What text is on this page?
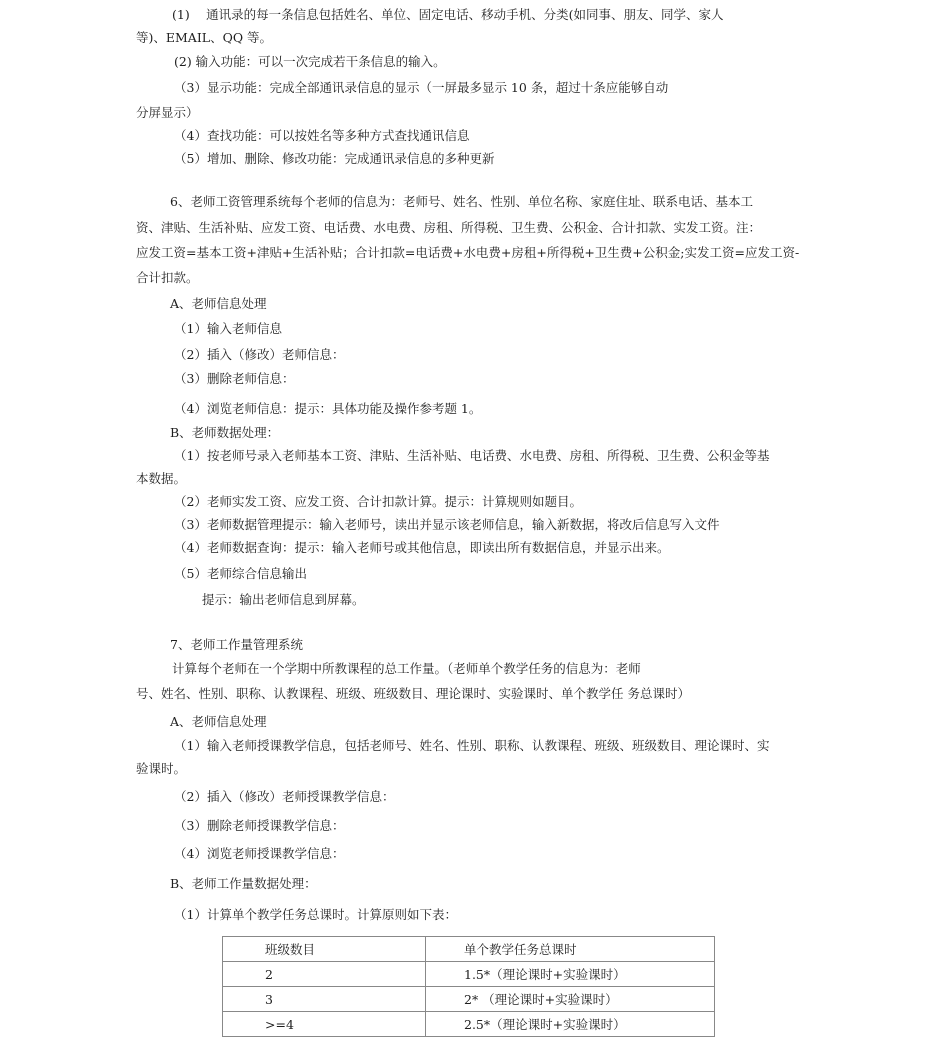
(1)　 通讯录的每一条信息包括姓名、单位、固定电话、移动手机、分类(如同事、朋友、同学、家人
等)、EMAIL、QQ 等。
(2) 输入功能：可以一次完成若干条信息的输入。
（3）显示功能：完成全部通讯录信息的显示（一屏最多显示 10 条，超过十条应能够自动
分屏显示）
（4）查找功能：可以按姓名等多种方式查找通讯信息
（5）增加、删除、修改功能：完成通讯录信息的多种更新
6、老师工资管理系统每个老师的信息为：老师号、姓名、性别、单位名称、家庭住址、联系电话、基本工
资、津贴、生活补贴、应发工资、电话费、水电费、房租、所得税、卫生费、公积金、合计扣款、实发工资。注：
应发工资=基本工资+津贴+生活补贴；合计扣款=电话费+水电费+房租+所得税+卫生费+公积金;实发工资=应发工资-
合计扣款。
A、老师信息处理
（1）输入老师信息
（2）插入（修改）老师信息：
（3）删除老师信息：
（4）浏览老师信息：提示：具体功能及操作参考题 1。
B、老师数据处理：
（1）按老师号录入老师基本工资、津贴、生活补贴、电话费、水电费、房租、所得税、卫生费、公积金等基
本数据。
（2）老师实发工资、应发工资、合计扣款计算。提示：计算规则如题目。
（3）老师数据管理提示：输入老师号，读出并显示该老师信息，输入新数据，将改后信息写入文件
（4）老师数据查询：提示：输入老师号或其他信息，即读出所有数据信息，并显示出来。
（5）老师综合信息输出
提示：输出老师信息到屏幕。
7、老师工作量管理系统
计算每个老师在一个学期中所教课程的总工作量。（老师单个教学任务的信息为：老师
号、姓名、性别、职称、认教课程、班级、班级数目、理论课时、实验课时、单个教学任 务总课时）
A、老师信息处理
（1）输入老师授课教学信息，包括老师号、姓名、性别、职称、认教课程、班级、班级数目、理论课时、实
验课时。
（2）插入（修改）老师授课教学信息：
（3）删除老师授课教学信息：
（4）浏览老师授课教学信息：
B、老师工作量数据处理：
（1）计算单个教学任务总课时。计算原则如下表：
班级数目	单个教学任务总课时
2	1.5*（理论课时+实验课时）
3	2* （理论课时+实验课时）
>=4	2.5*（理论课时+实验课时）
